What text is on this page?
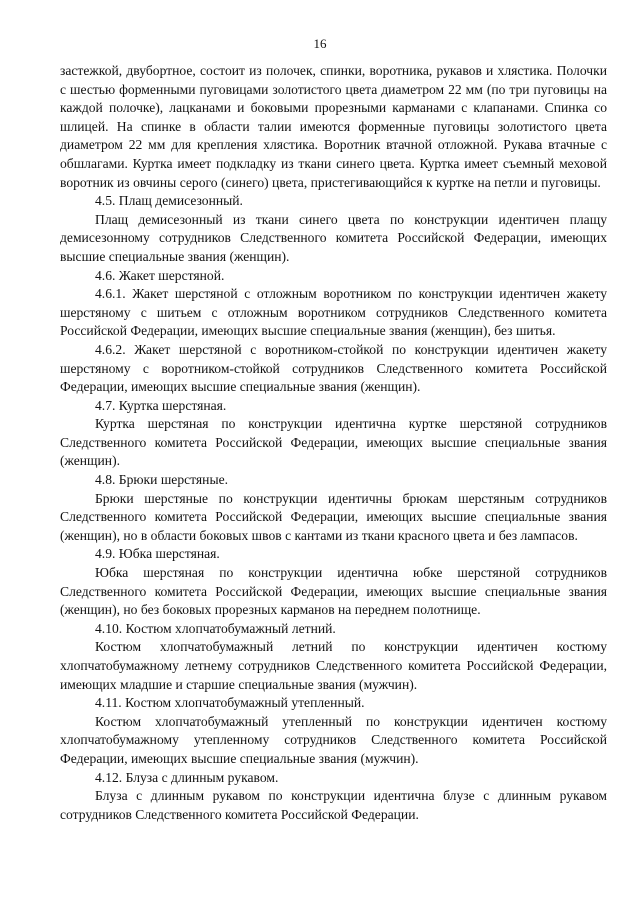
16

застежкой, двубортное, состоит из полочек, спинки, воротника, рукавов и хлястика. Полочки с шестью форменными пуговицами золотистого цвета диаметром 22 мм (по три пуговицы на каждой полочке), лацканами и боковыми прорезными карманами с клапанами. Спинка со шлицей. На спинке в области талии имеются форменные пуговицы золотистого цвета диаметром 22 мм для крепления хлястика. Воротник втачной отложной. Рукава втачные с обшлагами. Куртка имеет подкладку из ткани синего цвета. Куртка имеет съемный меховой воротник из овчины серого (синего) цвета, пристегивающийся к куртке на петли и пуговицы.

4.5. Плащ демисезонный.

Плащ демисезонный из ткани синего цвета по конструкции идентичен плащу демисезонному сотрудников Следственного комитета Российской Федерации, имеющих высшие специальные звания (женщин).

4.6. Жакет шерстяной.

4.6.1. Жакет шерстяной с отложным воротником по конструкции идентичен жакету шерстяному с шитьем с отложным воротником сотрудников Следственного комитета Российской Федерации, имеющих высшие специальные звания (женщин), без шитья.

4.6.2. Жакет шерстяной с воротником-стойкой по конструкции идентичен жакету шерстяному с воротником-стойкой сотрудников Следственного комитета Российской Федерации, имеющих высшие специальные звания (женщин).

4.7. Куртка шерстяная.

Куртка шерстяная по конструкции идентична куртке шерстяной сотрудников Следственного комитета Российской Федерации, имеющих высшие специальные звания (женщин).

4.8. Брюки шерстяные.

Брюки шерстяные по конструкции идентичны брюкам шерстяным сотрудников Следственного комитета Российской Федерации, имеющих высшие специальные звания (женщин), но в области боковых швов с кантами из ткани красного цвета и без лампасов.

4.9. Юбка шерстяная.

Юбка шерстяная по конструкции идентична юбке шерстяной сотрудников Следственного комитета Российской Федерации, имеющих высшие специальные звания (женщин), но без боковых прорезных карманов на переднем полотнище.

4.10. Костюм хлопчатобумажный летний.

Костюм хлопчатобумажный летний по конструкции идентичен костюму хлопчатобумажному летнему сотрудников Следственного комитета Российской Федерации, имеющих младшие и старшие специальные звания (мужчин).

4.11. Костюм хлопчатобумажный утепленный.

Костюм хлопчатобумажный утепленный по конструкции идентичен костюму хлопчатобумажному утепленному сотрудников Следственного комитета Российской Федерации, имеющих высшие специальные звания (мужчин).

4.12. Блуза с длинным рукавом.

Блуза с длинным рукавом по конструкции идентична блузе с длинным рукавом сотрудников Следственного комитета Российской Федерации.
